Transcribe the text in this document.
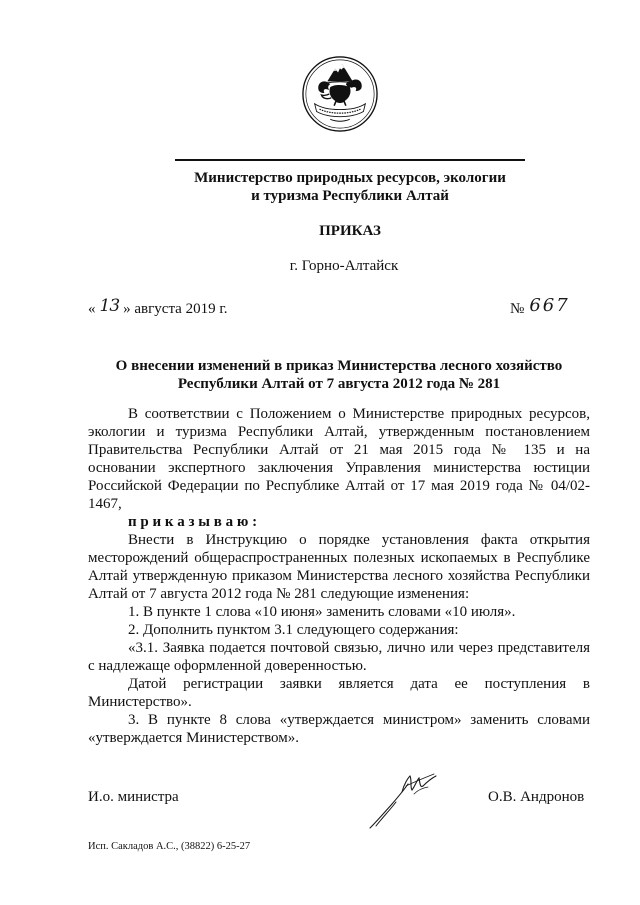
Министерство природных ресурсов, экологии
и туризма Республики Алтай
ПРИКАЗ
г. Горно-Алтайск
« 13 » августа 2019 г.	№ 667
О внесении изменений в приказ Министерства лесного хозяйство
Республики Алтай от 7 августа 2012 года № 281
В соответствии с Положением о Министерстве природных ресурсов,
экологии и туризма Республики Алтай, утвержденным постановлением
Правительства Республики Алтай от 21 мая 2015 года № 135 и на
основании экспертного заключения Управления министерства юстиции
Российской Федерации по Республике Алтай от 17 мая 2019 года № 04/02-
1467,
п р и к а з ы в а ю :
Внести в Инструкцию о порядке установления факта открытия
месторождений общераспространенных полезных ископаемых в Республике
Алтай утвержденную приказом Министерства лесного хозяйства Республики
Алтай от 7 августа 2012 года № 281 следующие изменения:
1. В пункте 1 слова «10 июня» заменить словами «10 июля».
2. Дополнить пунктом 3.1 следующего содержания:
«3.1. Заявка подается почтовой связью, лично или через представителя
с надлежаще оформленной доверенностью.
Датой регистрации заявки является дата ее поступления в
Министерство».
3. В пункте 8 слова «утверждается министром» заменить словами
«утверждается Министерством».
И.о. министра	О.В. Андронов
Исп. Сакладов А.С., (38822) 6-25-27
